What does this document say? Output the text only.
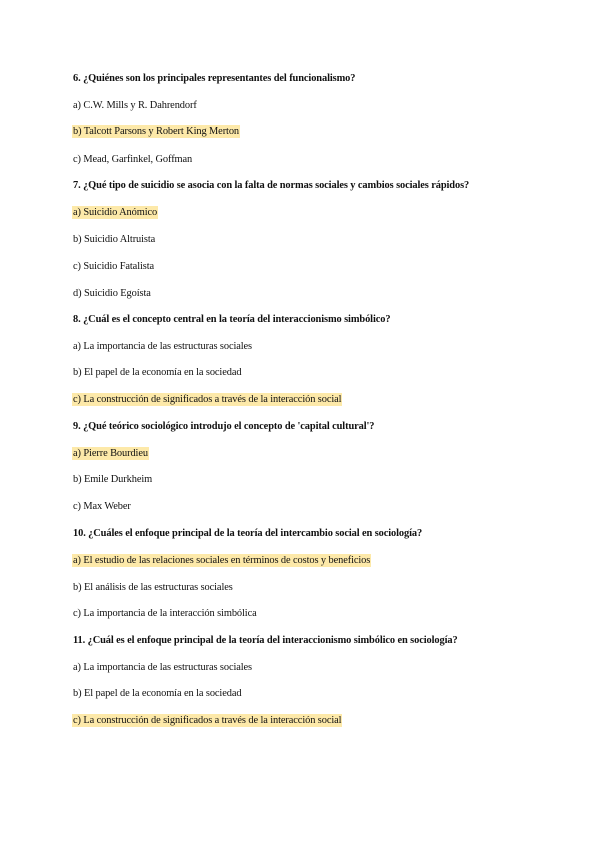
6. ¿Quiénes son los principales representantes del funcionalismo?
a) C.W. Mills y R. Dahrendorf
b) Talcott Parsons y Robert King Merton
c) Mead, Garfinkel, Goffman
7. ¿Qué tipo de suicidio se asocia con la falta de normas sociales y cambios sociales rápidos?
a) Suicidio Anómico
b) Suicidio Altruista
c) Suicidio Fatalista
d) Suicidio Egoísta
8. ¿Cuál es el concepto central en la teoría del interaccionismo simbólico?
a) La importancia de las estructuras sociales
b) El papel de la economía en la sociedad
c) La construcción de significados a través de la interacción social
9. ¿Qué teórico sociológico introdujo el concepto de 'capital cultural'?
a) Pierre Bourdieu
b) Emile Durkheim
c) Max Weber
10. ¿Cuáles el enfoque principal de la teoría del intercambio social en sociología?
a) El estudio de las relaciones sociales en términos de costos y beneficios
b) El análisis de las estructuras sociales
c) La importancia de la interacción simbólica
11. ¿Cuál es el enfoque principal de la teoría del interaccionismo simbólico en sociología?
a) La importancia de las estructuras sociales
b) El papel de la economía en la sociedad
c) La construcción de significados a través de la interacción social
